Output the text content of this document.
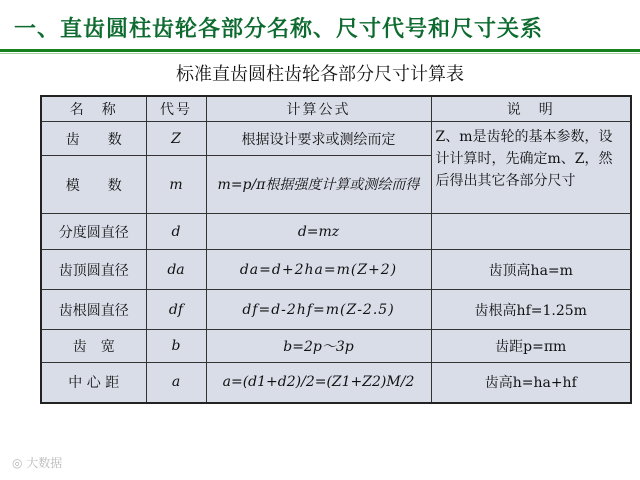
一、直齿圆柱齿轮各部分名称、尺寸代号和尺寸关系
标准直齿圆柱齿轮各部分尺寸计算表
名　称	代号	计算公式	说　明
齿　　数	Z	根据设计要求或测绘而定	Z、m是齿轮的基本参数，设计计算时，先确定m、Z，然后得出其它各部分尺寸
模　　数	m	m=p/π根据强度计算或测绘而得	
分度圆直径	d	d=mz	
齿顶圆直径	da	da=d+2ha=m(Z+2)	齿顶高ha=m
齿根圆直径	df	df=d-2hf=m(Z-2.5)	齿根高hf=1.25m
齿　宽	b	b=2p～3p	齿距p=πm
中 心 距	a	a=(d1+d2)/2=(Z1+Z2)M/2	齿高h=ha+hf
◎ 大数据
